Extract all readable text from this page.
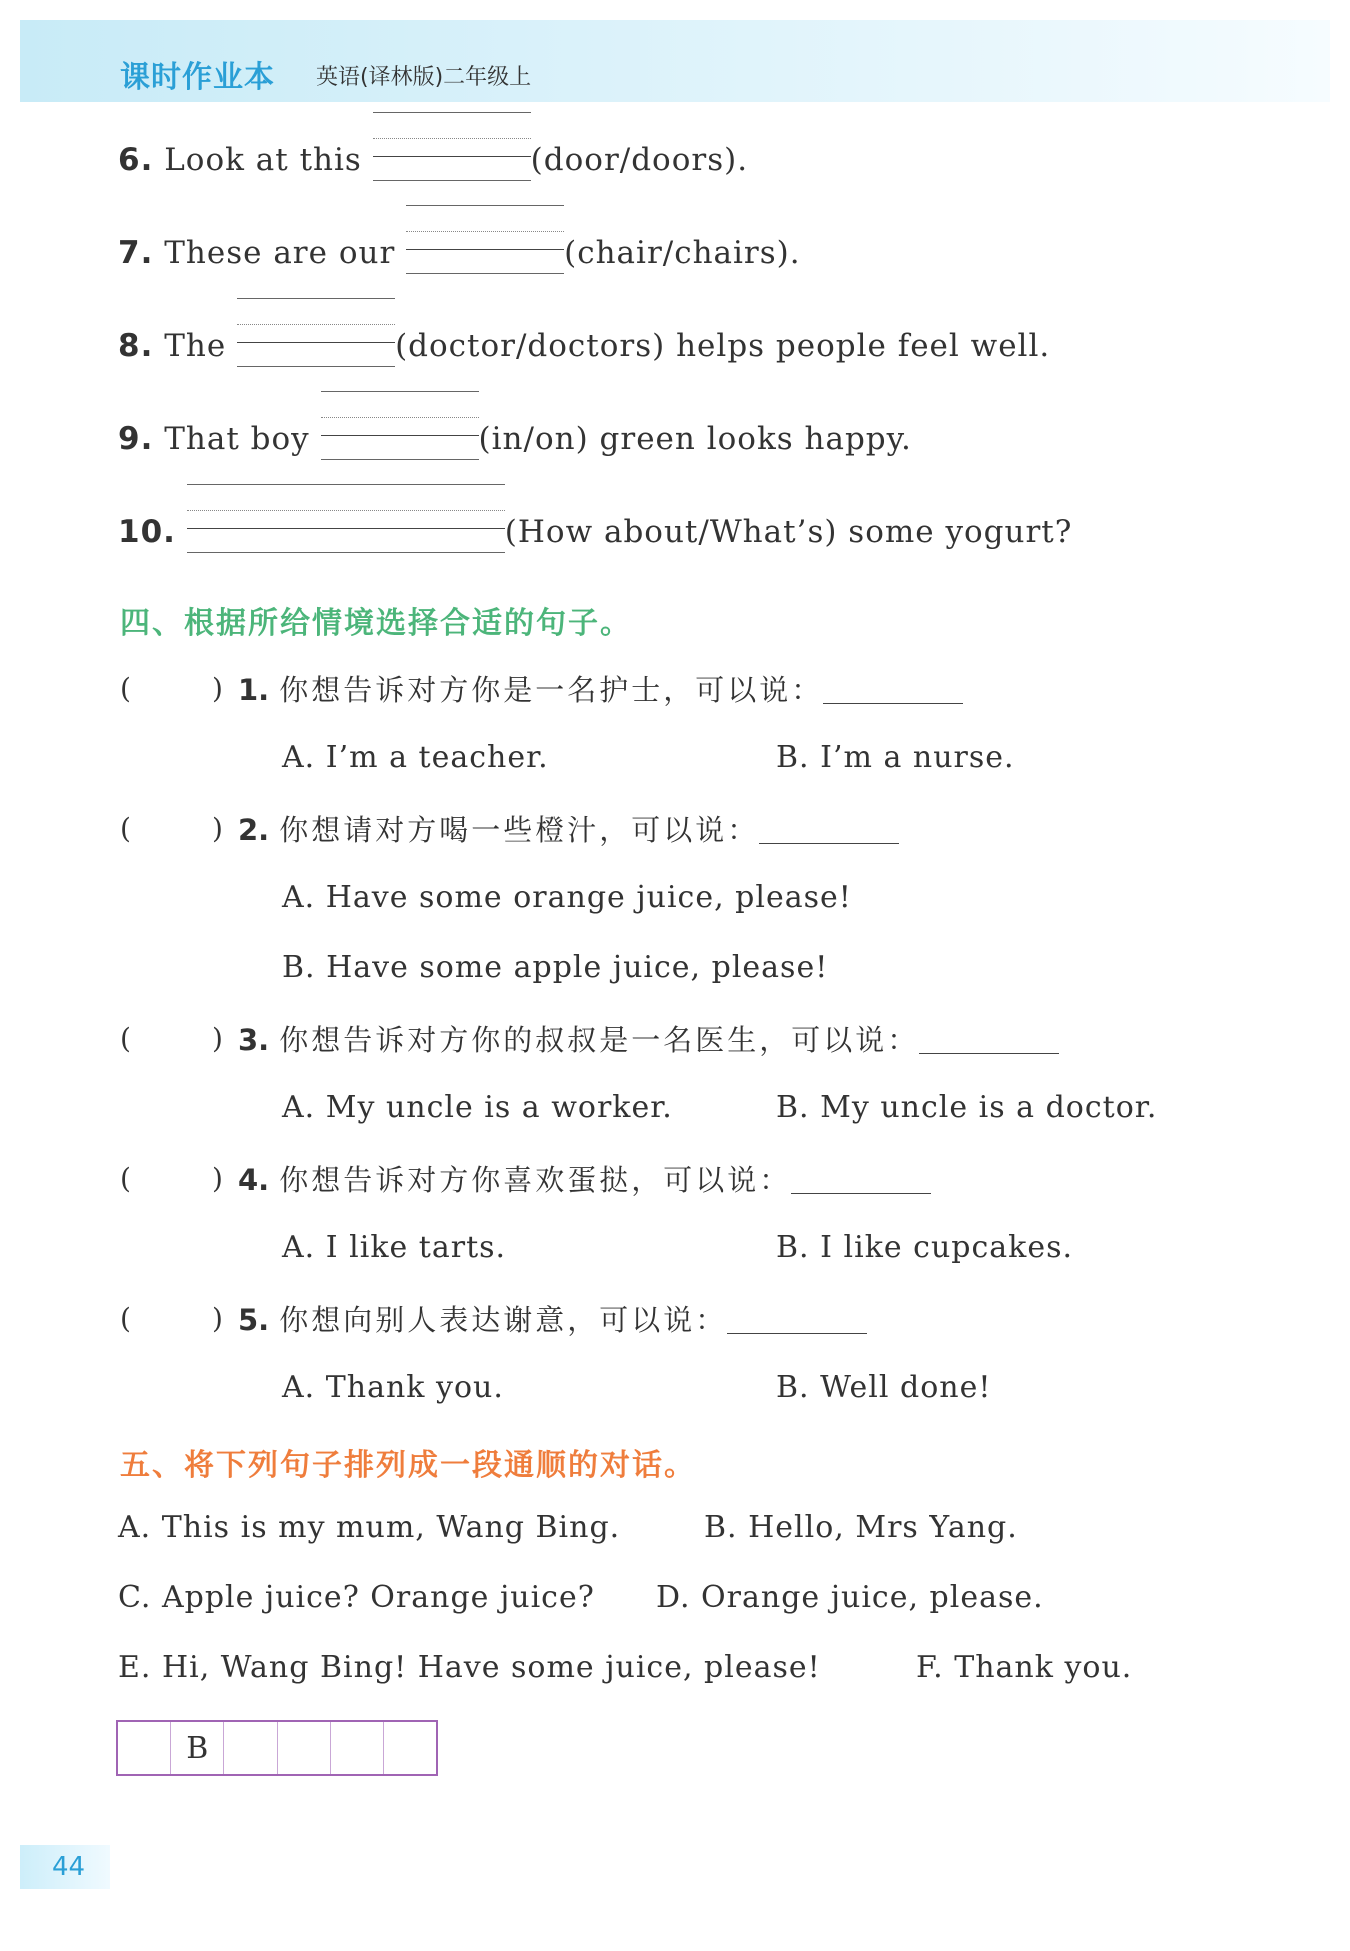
课时作业本 英语(译林版)二年级上
6. Look at this	(door/doors).
7. These are our	(chair/chairs).
8. The	(doctor/doctors) helps people feel well.
9. That boy	(in/on) green looks happy.
10.	(How about/What’s) some yogurt?
四、根据所给情境选择合适的句子。
(	) 1. 你想告诉对方你是一名护士，可以说：
A. I’m a teacher.	B. I’m a nurse.
(	) 2. 你想请对方喝一些橙汁，可以说：
A. Have some orange juice, please!
B. Have some apple juice, please!
(	) 3. 你想告诉对方你的叔叔是一名医生，可以说：
A. My uncle is a worker.	B. My uncle is a doctor.
(	) 4. 你想告诉对方你喜欢蛋挞，可以说：
A. I like tarts.	B. I like cupcakes.
(	) 5. 你想向别人表达谢意，可以说：
A. Thank you.	B. Well done!
五、将下列句子排列成一段通顺的对话。
A. This is my mum, Wang Bing.	B. Hello, Mrs Yang.
C. Apple juice? Orange juice? D. Orange juice, please.
E. Hi, Wang Bing! Have some juice, please!	F. Thank you.
B
44
